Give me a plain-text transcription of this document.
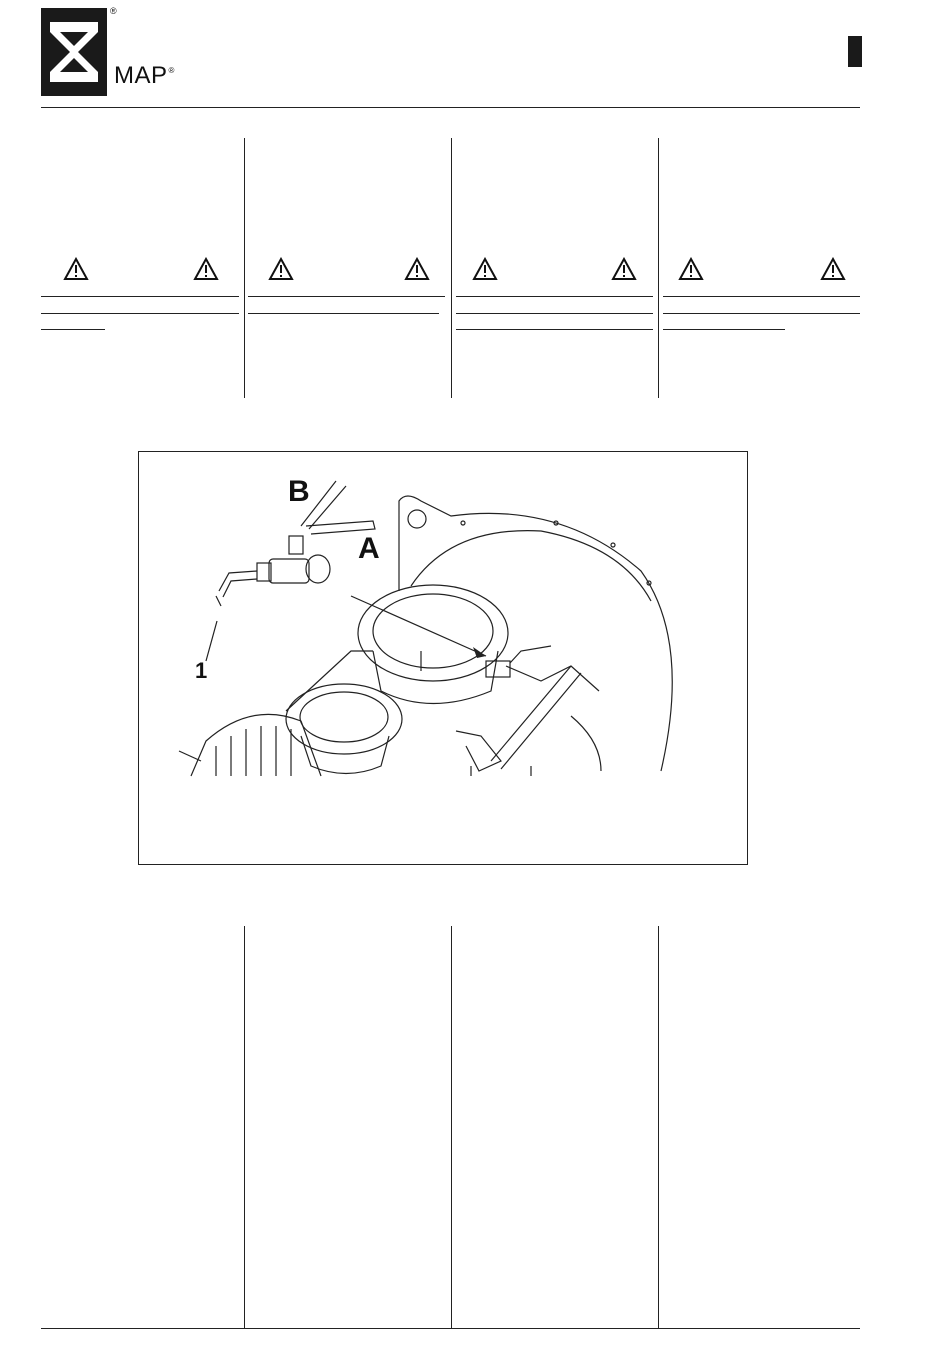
®
MAP®
B
A
1
